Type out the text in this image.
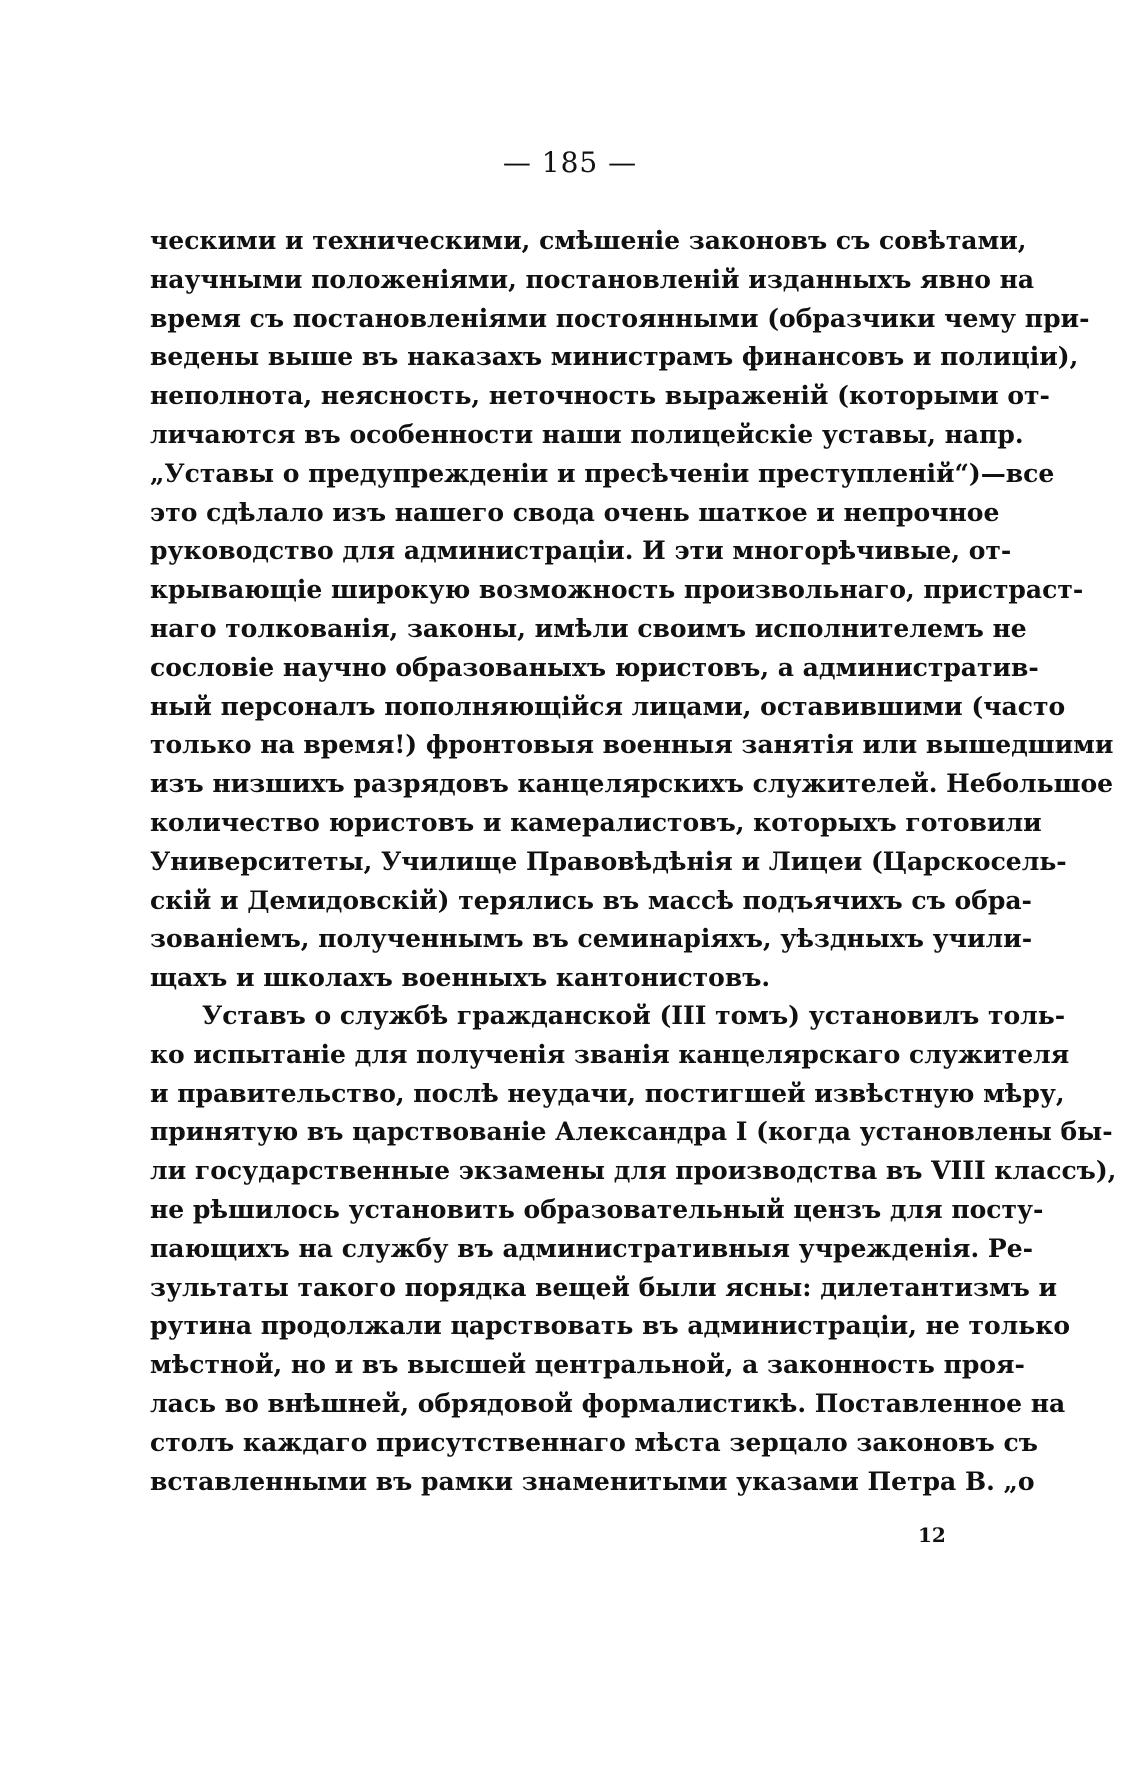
— 185 —
ческими и техническими, смѣшеніе законовъ съ совѣтами,
научными положеніями, постановленій изданныхъ явно на
время съ постановленіями постоянными (образчики чему при-
ведены выше въ наказахъ министрамъ финансовъ и полиціи),
неполнота, неясность, неточность выраженій (которыми от-
личаются въ особенности наши полицейскіе уставы, напр.
„Уставы о предупрежденіи и пресѣченіи преступленій“)—все
это сдѣлало изъ нашего свода очень шаткое и непрочное
руководство для администраціи. И эти многорѣчивые, от-
крывающіе широкую возможность произвольнаго, пристраст-
наго толкованія, законы, имѣли своимъ исполнителемъ не
сословіе научно образованыхъ юристовъ, а административ-
ный персоналъ пополняющійся лицами, оставившими (часто
только на время!) фронтовыя военныя занятія или вышедшими
изъ низшихъ разрядовъ канцелярскихъ служителей. Небольшое
количество юристовъ и камералистовъ, которыхъ готовили
Университеты, Училище Правовѣдѣнія и Лицеи (Царскосель-
скій и Демидовскій) терялись въ массѣ подъячихъ съ обра-
зованіемъ, полученнымъ въ семинаріяхъ, уѣздныхъ учили-
щахъ и школахъ военныхъ кантонистовъ.
Уставъ о службѣ гражданской (III томъ) установилъ толь-
ко испытаніе для полученія званія канцелярскаго служителя
и правительство, послѣ неудачи, постигшей извѣстную мѣру,
принятую въ царствованіе Александра I (когда установлены бы-
ли государственные экзамены для производства въ VIII классъ),
не рѣшилось установить образовательный цензъ для посту-
пающихъ на службу въ административныя учрежденія. Ре-
зультаты такого порядка вещей были ясны: дилетантизмъ и
рутина продолжали царствовать въ администраціи, не только
мѣстной, но и въ высшей центральной, а законность проя-
лась во внѣшней, обрядовой формалистикѣ. Поставленное на
столъ каждаго присутственнаго мѣста зерцало законовъ съ
вставленными въ рамки знаменитыми указами Петра В. „о
12
